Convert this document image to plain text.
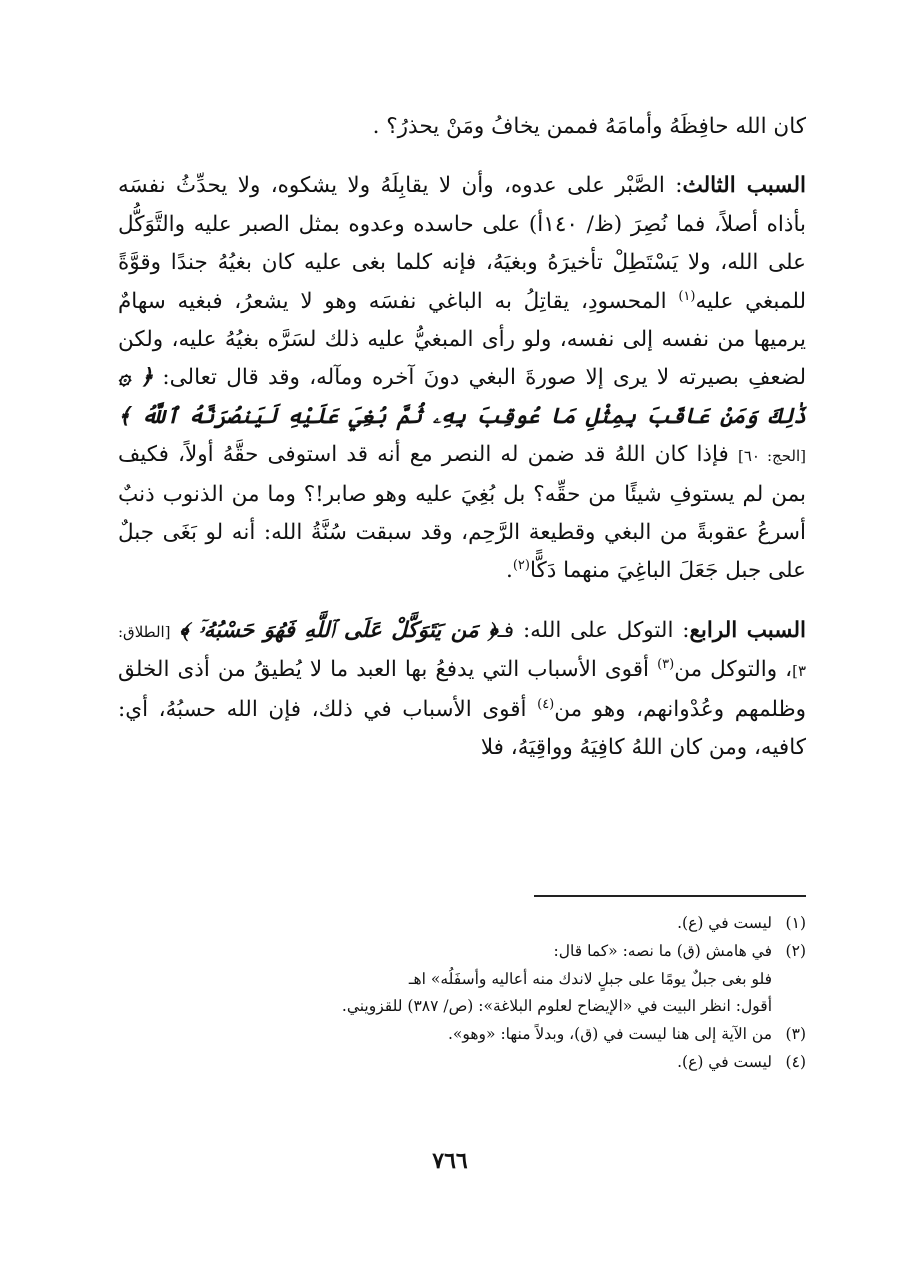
كان الله حافِظَهُ وأمامَهُ فممن يخافُ ومَنْ يحذرُ؟ .

السبب الثالث: الصَّبْر على عدوه، وأن لا يقابِلَهُ ولا يشكوه، ولا يحدِّثُ نفسَه بأذاه أصلاً، فما نُصِرَ (ظ/ ١٤٠أ) على حاسده وعدوه بمثل الصبر عليه والتَّوَكُّل على الله، ولا يَسْتَطِلْ تأخيرَهُ وبغيَهُ، فإنه كلما بغى عليه كان بغيُهُ جندًا وقوَّةً للمبغي عليه$^{(١)}$ المحسودِ، يقاتِلُ به الباغي نفسَه وهو لا يشعرُ، فبغيه سهامٌ يرميها من نفسه إلى نفسه، ولو رأى المبغيُّ عليه ذلك لسَرَّه بغيُهُ عليه، ولكن لضعفِ بصيرته لا يرى إلا صورةَ البغي دونَ آخره ومآله، وقد قال تعالى: ﴿ ۞ ذَٰلِكَ وَمَنْ عَاقَبَ بِمِثْلِ مَا عُوقِبَ بِهِۦ ثُمَّ بُغِيَ عَلَيْهِ لَيَنصُرَنَّهُ ٱللَّهُ ﴾ [الحج: ٦٠] فإذا كان اللهُ قد ضمن له النصر مع أنه قد استوفى حقَّهُ أولاً، فكيف بمن لم يستوفِ شيئًا من حقِّه؟ بل بُغِيَ عليه وهو صابر!؟ وما من الذنوب ذنبٌ أسرعُ عقوبةً من البغي وقطيعة الرَّحِم، وقد سبقت سُنَّةُ الله: أنه لو بَغَى جبلٌ على جبل جَعَلَ الباغِيَ منهما دَكًّا$^{(٢)}$.

السبب الرابع: التوكل على الله: فـ﴿ مَن يَتَوَكَّلْ عَلَى ٱللَّهِ فَهُوَ حَسْبُهُۥٓ ﴾ [الطلاق: ٣]، والتوكل من$^{(٣)}$ أقوى الأسباب التي يدفعُ بها العبد ما لا يُطيقُ من أذى الخلق وظلمهم وعُدْوانهم، وهو من$^{(٤)}$ أقوى الأسباب في ذلك، فإن الله حسبُهُ، أي: كافيه، ومن كان اللهُ كافِيَهُ وواقِيَهُ، فلا

(١)ليست في (ع).

(٢)في هامش (ق) ما نصه: «كما قال:

فلو بغى جبلٌ يومًا على جبلٍ لاندك منه أعاليه وأسفَلُه» اهـ

أقول: انظر البيت في «الإيضاح لعلوم البلاغة»: (ص/ ٣٨٧) للقزويني.

(٣)من الآية إلى هنا ليست في (ق)، وبدلاً منها: «وهو».

(٤)ليست في (ع).

٧٦٦
